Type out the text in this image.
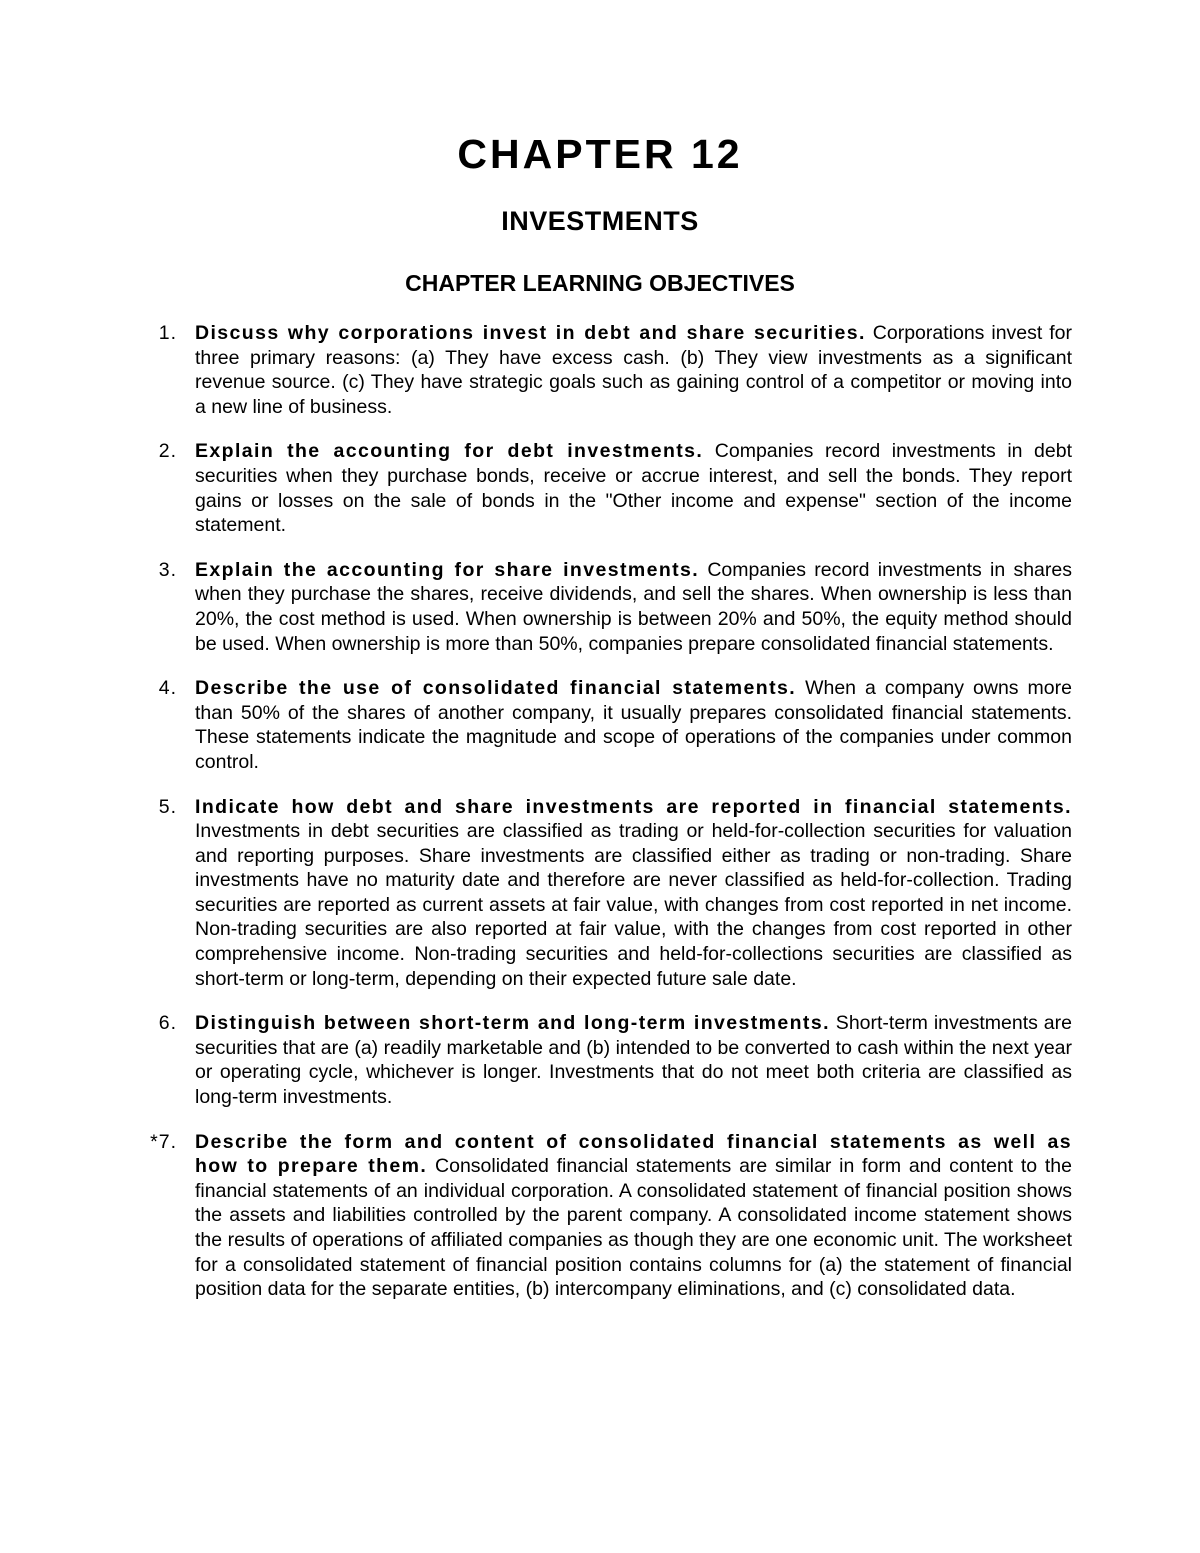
CHAPTER 12
INVESTMENTS
CHAPTER LEARNING OBJECTIVES
1. Discuss why corporations invest in debt and share securities. Corporations invest for three primary reasons: (a) They have excess cash. (b) They view investments as a significant revenue source. (c) They have strategic goals such as gaining control of a competitor or moving into a new line of business.
2. Explain the accounting for debt investments. Companies record investments in debt securities when they purchase bonds, receive or accrue interest, and sell the bonds. They report gains or losses on the sale of bonds in the "Other income and expense" section of the income statement.
3. Explain the accounting for share investments. Companies record investments in shares when they purchase the shares, receive dividends, and sell the shares. When ownership is less than 20%, the cost method is used. When ownership is between 20% and 50%, the equity method should be used. When ownership is more than 50%, companies prepare consolidated financial statements.
4. Describe the use of consolidated financial statements. When a company owns more than 50% of the shares of another company, it usually prepares consolidated financial statements. These statements indicate the magnitude and scope of operations of the companies under common control.
5. Indicate how debt and share investments are reported in financial statements. Investments in debt securities are classified as trading or held-for-collection securities for valuation and reporting purposes. Share investments are classified either as trading or non-trading. Share investments have no maturity date and therefore are never classified as held-for-collection. Trading securities are reported as current assets at fair value, with changes from cost reported in net income. Non-trading securities are also reported at fair value, with the changes from cost reported in other comprehensive income. Non-trading securities and held-for-collections securities are classified as short-term or long-term, depending on their expected future sale date.
6. Distinguish between short-term and long-term investments. Short-term investments are securities that are (a) readily marketable and (b) intended to be converted to cash within the next year or operating cycle, whichever is longer. Investments that do not meet both criteria are classified as long-term investments.
*7. Describe the form and content of consolidated financial statements as well as how to prepare them. Consolidated financial statements are similar in form and content to the financial statements of an individual corporation. A consolidated statement of financial position shows the assets and liabilities controlled by the parent company. A consolidated income statement shows the results of operations of affiliated companies as though they are one economic unit. The worksheet for a consolidated statement of financial position contains columns for (a) the statement of financial position data for the separate entities, (b) intercompany eliminations, and (c) consolidated data.
